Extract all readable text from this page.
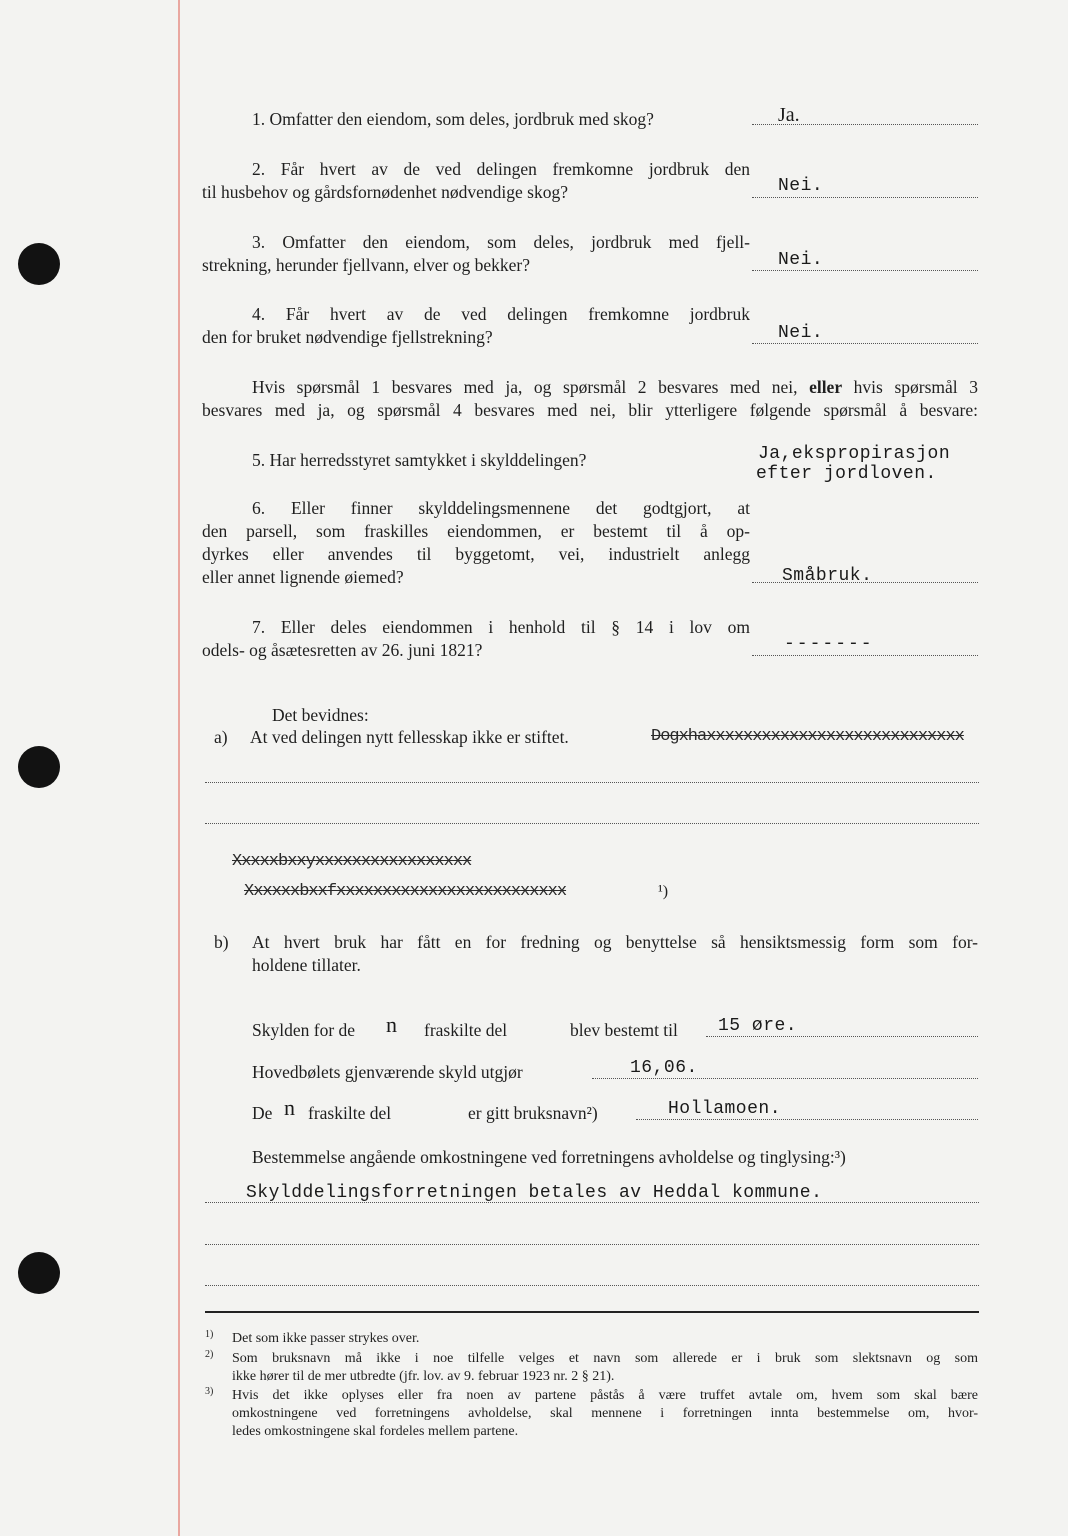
1. Omfatter den eiendom, som deles, jordbruk med skog?	Ja.
2. Får hvert av de ved delingen fremkomne jordbruk den
til husbehov og gårdsfornødenhet nødvendige skog?	Nei.
3. Omfatter den eiendom, som deles, jordbruk med fjell-
strekning, herunder fjellvann, elver og bekker?	Nei.
4. Får hvert av de ved delingen fremkomne jordbruk
den for bruket nødvendige fjellstrekning?	Nei.
Hvis spørsmål 1 besvares med ja, og spørsmål 2 besvares med nei, eller hvis spørsmål 3
besvares med ja, og spørsmål 4 besvares med nei, blir ytterligere følgende spørsmål å besvare:
5. Har herredsstyret samtykket i skylddelingen?	Ja,ekspropirasjon
efter jordloven.
6. Eller finner skylddelingsmennene det godtgjort, at
den parsell, som fraskilles eiendommen, er bestemt til å op-
dyrkes eller anvendes til byggetomt, vei, industrielt anlegg
eller annet lignende øiemed?	Småbruk.
7. Eller deles eiendommen i henhold til § 14 i lov om
odels- og åsætesretten av 26. juni 1821?	-------
Det bevidnes:
a) At ved delingen nytt fellesskap ikke er stiftet.	Dogxhaxxxxxxxxxxxxxxxxxxxxxxxxxxxx
Xxxxxbxxyxxxxxxxxxxxxxxxxx
Xxxxxxbxxfxxxxxxxxxxxxxxxxxxxxxxxxx	¹)
b) At hvert bruk har fått en for fredning og benyttelse så hensiktsmessig form som for-
holdene tillater.
Skylden for de n fraskilte del	blev bestemt til 15 øre.
Hovedbølets gjenværende skyld utgjør	16,06.
De n fraskilte del	er gitt bruksnavn²)	Hollamoen.
Bestemmelse angående omkostningene ved forretningens avholdelse og tinglysing:³)
Skylddelingsforretningen betales av Heddal kommune.
1) Det som ikke passer strykes over.
2) Som bruksnavn må ikke i noe tilfelle velges et navn som allerede er i bruk som slektsnavn og som
ikke hører til de mer utbredte (jfr. lov. av 9. februar 1923 nr. 2 § 21).
3) Hvis det ikke oplyses eller fra noen av partene påstås å være truffet avtale om, hvem som skal bære
omkostningene ved forretningens avholdelse, skal mennene i forretningen innta bestemmelse om, hvor-
ledes omkostningene skal fordeles mellem partene.
